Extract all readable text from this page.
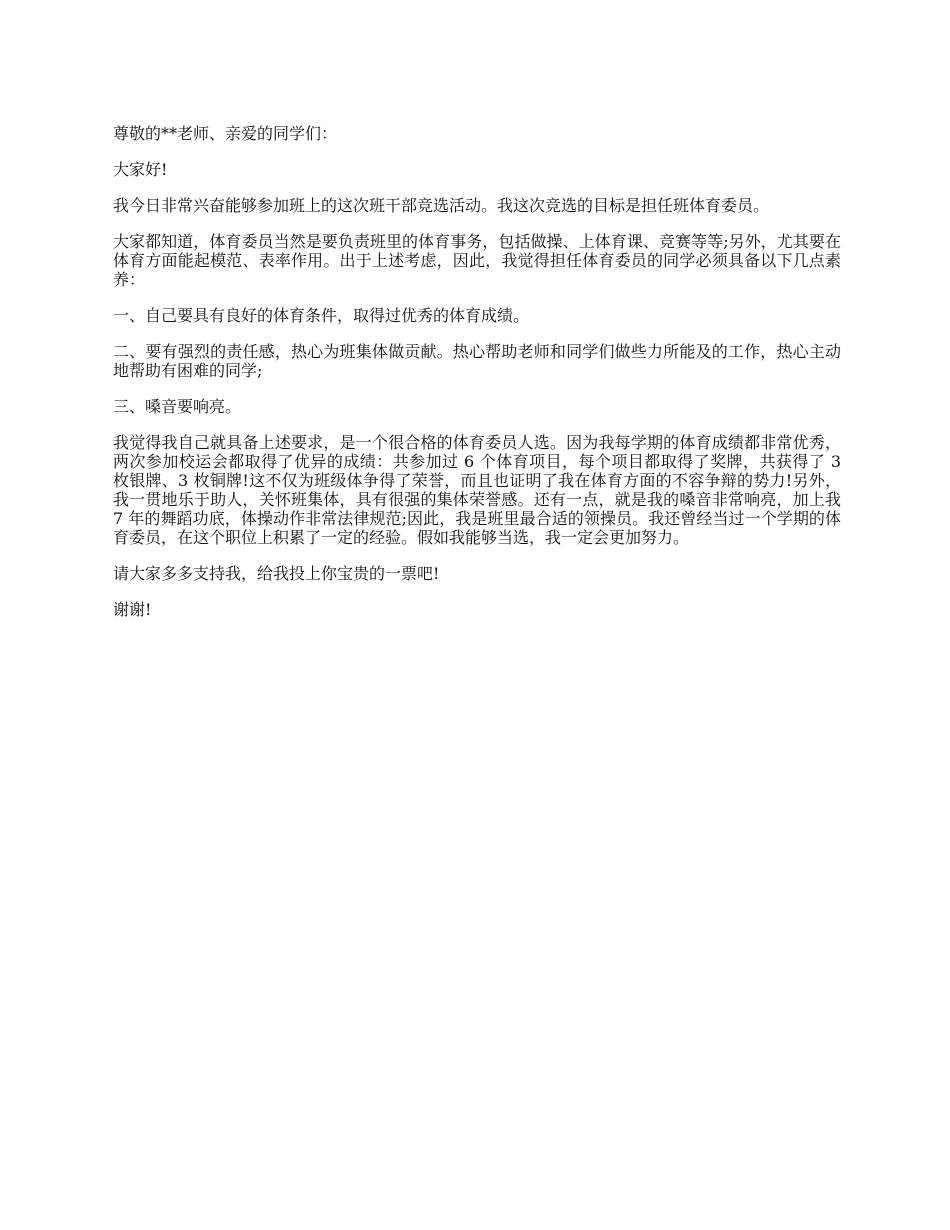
尊敬的**老师、亲爱的同学们：

大家好!

我今日非常兴奋能够参加班上的这次班干部竞选活动。我这次竞选的目标是担任班体育委员。

大家都知道，体育委员当然是要负责班里的体育事务，包括做操、上体育课、竞赛等等;另外，尤其要在体育方面能起模范、表率作用。出于上述考虑，因此，我觉得担任体育委员的同学必须具备以下几点素养：

一、自己要具有良好的体育条件，取得过优秀的体育成绩。

二、要有强烈的责任感，热心为班集体做贡献。热心帮助老师和同学们做些力所能及的工作，热心主动地帮助有困难的同学;

三、嗓音要响亮。

我觉得我自己就具备上述要求，是一个很合格的体育委员人选。因为我每学期的体育成绩都非常优秀，两次参加校运会都取得了优异的成绩：共参加过 6 个体育项目，每个项目都取得了奖牌，共获得了 3 枚银牌、3 枚铜牌!这不仅为班级体争得了荣誉，而且也证明了我在体育方面的不容争辩的势力!另外，我一贯地乐于助人，关怀班集体，具有很强的集体荣誉感。还有一点，就是我的嗓音非常响亮，加上我 7 年的舞蹈功底，体操动作非常法律规范;因此，我是班里最合适的领操员。我还曾经当过一个学期的体育委员，在这个职位上积累了一定的经验。假如我能够当选，我一定会更加努力。

请大家多多支持我，给我投上你宝贵的一票吧!

谢谢!
